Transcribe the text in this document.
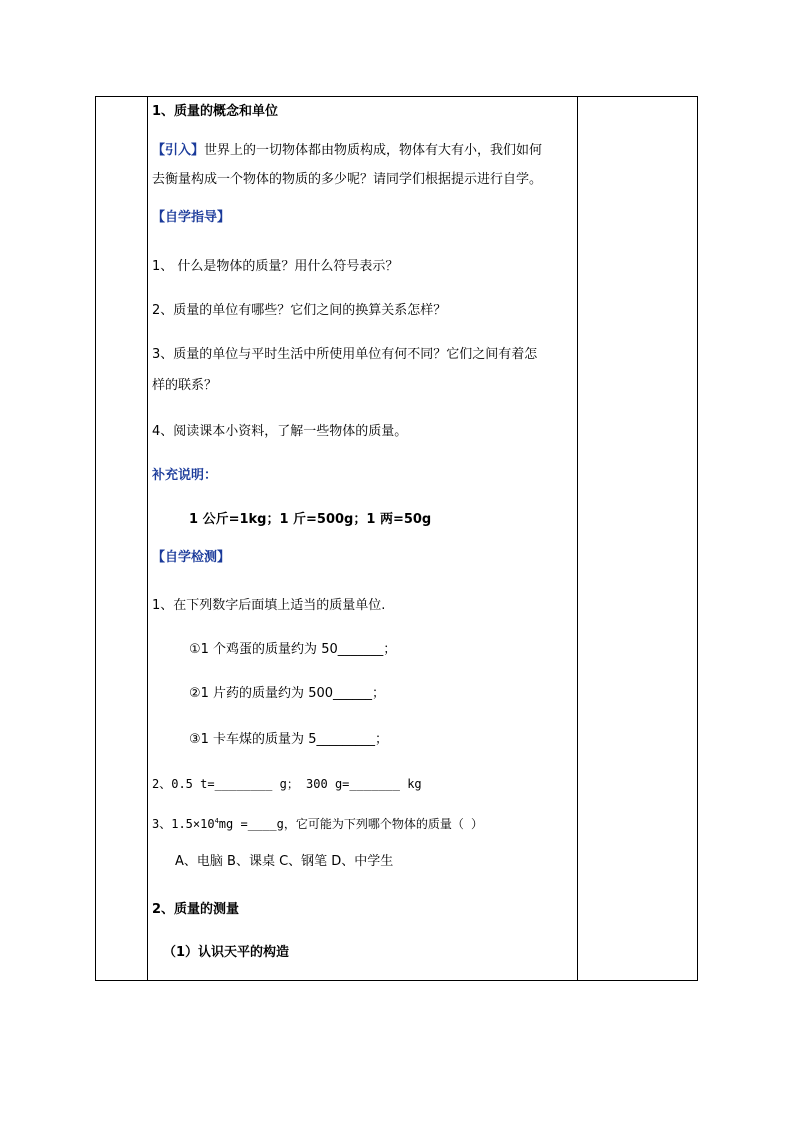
1、质量的概念和单位
【引入】世界上的一切物体都由物质构成，物体有大有小，我们如何
去衡量构成一个物体的物质的多少呢？请同学们根据提示进行自学。
【自学指导】
1、 什么是物体的质量？用什么符号表示？
2、质量的单位有哪些？它们之间的换算关系怎样？
3、质量的单位与平时生活中所使用单位有何不同？它们之间有着怎
样的联系？
4、阅读课本小资料，了解一些物体的质量。
补充说明：
1 公斤=1kg；1 斤=500g；1 两=50g
【自学检测】
1、在下列数字后面填上适当的质量单位.
①1 个鸡蛋的质量约为 50_______；
②1 片药的质量约为 500______；
③1 卡车煤的质量为 5_________；
2、0.5 t=________ g； 300 g=_______ kg
3、$1.5\times 10^4mg$ =____g，它可能为下列哪个物体的质量（ ）
A、电脑 B、课桌 C、钢笔 D、中学生
2、质量的测量
（1）认识天平的构造
